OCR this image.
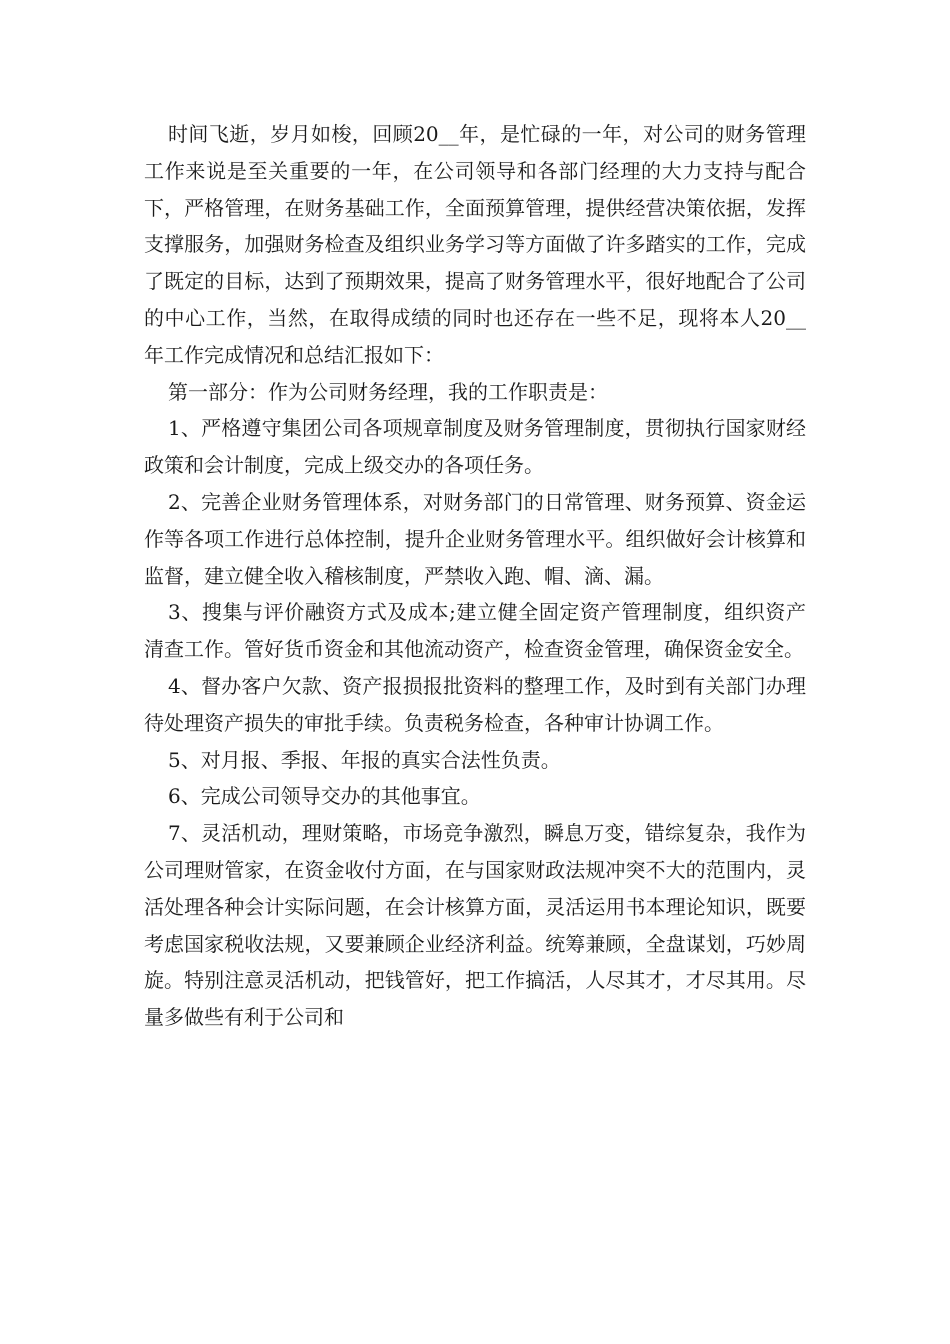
时间飞逝，岁月如梭，回顾20__年，是忙碌的一年，对公司的财务管理工作来说是至关重要的一年，在公司领导和各部门经理的大力支持与配合下，严格管理，在财务基础工作，全面预算管理，提供经营决策依据，发挥支撑服务，加强财务检查及组织业务学习等方面做了许多踏实的工作，完成了既定的目标，达到了预期效果，提高了财务管理水平，很好地配合了公司的中心工作，当然，在取得成绩的同时也还存在一些不足，现将本人20__年工作完成情况和总结汇报如下：

第一部分：作为公司财务经理，我的工作职责是：

1、严格遵守集团公司各项规章制度及财务管理制度，贯彻执行国家财经政策和会计制度，完成上级交办的各项任务。

2、完善企业财务管理体系，对财务部门的日常管理、财务预算、资金运作等各项工作进行总体控制，提升企业财务管理水平。组织做好会计核算和监督，建立健全收入稽核制度，严禁收入跑、帽、滴、漏。

3、搜集与评价融资方式及成本;建立健全固定资产管理制度，组织资产清查工作。管好货币资金和其他流动资产，检查资金管理，确保资金安全。

4、督办客户欠款、资产报损报批资料的整理工作，及时到有关部门办理待处理资产损失的审批手续。负责税务检查，各种审计协调工作。

5、对月报、季报、年报的真实合法性负责。

6、完成公司领导交办的其他事宜。

7、灵活机动，理财策略，市场竞争激烈，瞬息万变，错综复杂，我作为公司理财管家，在资金收付方面，在与国家财政法规冲突不大的范围内，灵活处理各种会计实际问题，在会计核算方面，灵活运用书本理论知识，既要考虑国家税收法规，又要兼顾企业经济利益。统筹兼顾，全盘谋划，巧妙周旋。特别注意灵活机动，把钱管好，把工作搞活，人尽其才，才尽其用。尽量多做些有利于公司和
